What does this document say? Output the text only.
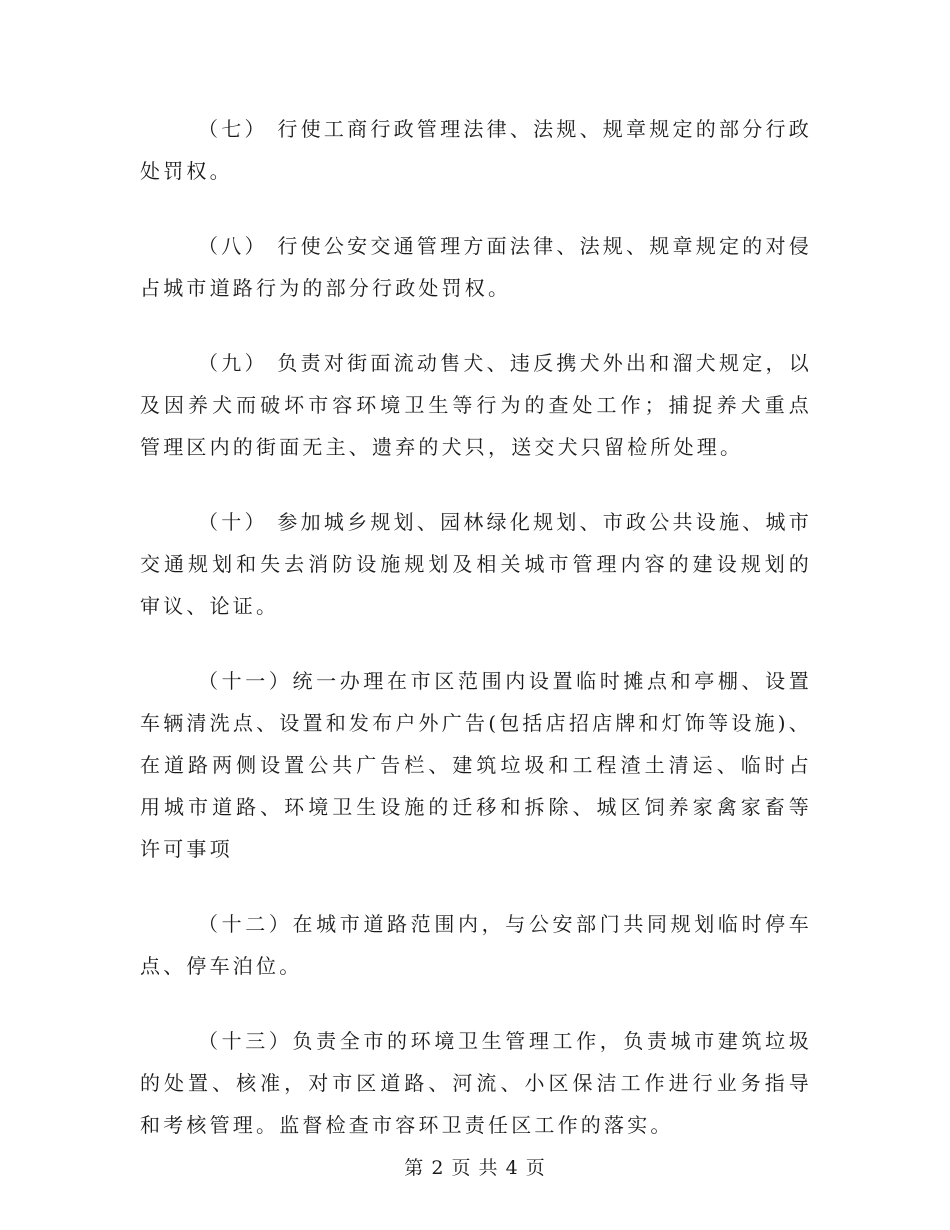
（七） 行使工商行政管理法律、法规、规章规定的部分行政处罚权。

（八） 行使公安交通管理方面法律、法规、规章规定的对侵占城市道路行为的部分行政处罚权。

（九） 负责对街面流动售犬、违反携犬外出和溜犬规定，以及因养犬而破坏市容环境卫生等行为的查处工作；捕捉养犬重点管理区内的街面无主、遗弃的犬只，送交犬只留检所处理。

（十） 参加城乡规划、园林绿化规划、市政公共设施、城市交通规划和失去消防设施规划及相关城市管理内容的建设规划的审议、论证。

（十一）统一办理在市区范围内设置临时摊点和亭棚、设置车辆清洗点、设置和发布户外广告(包括店招店牌和灯饰等设施)、在道路两侧设置公共广告栏、建筑垃圾和工程渣土清运、临时占用城市道路、环境卫生设施的迁移和拆除、城区饲养家禽家畜等许可事项

（十二）在城市道路范围内，与公安部门共同规划临时停车点、停车泊位。

（十三）负责全市的环境卫生管理工作，负责城市建筑垃圾的处置、核准，对市区道路、河流、小区保洁工作进行业务指导和考核管理。监督检查市容环卫责任区工作的落实。

第 2 页 共 4 页
